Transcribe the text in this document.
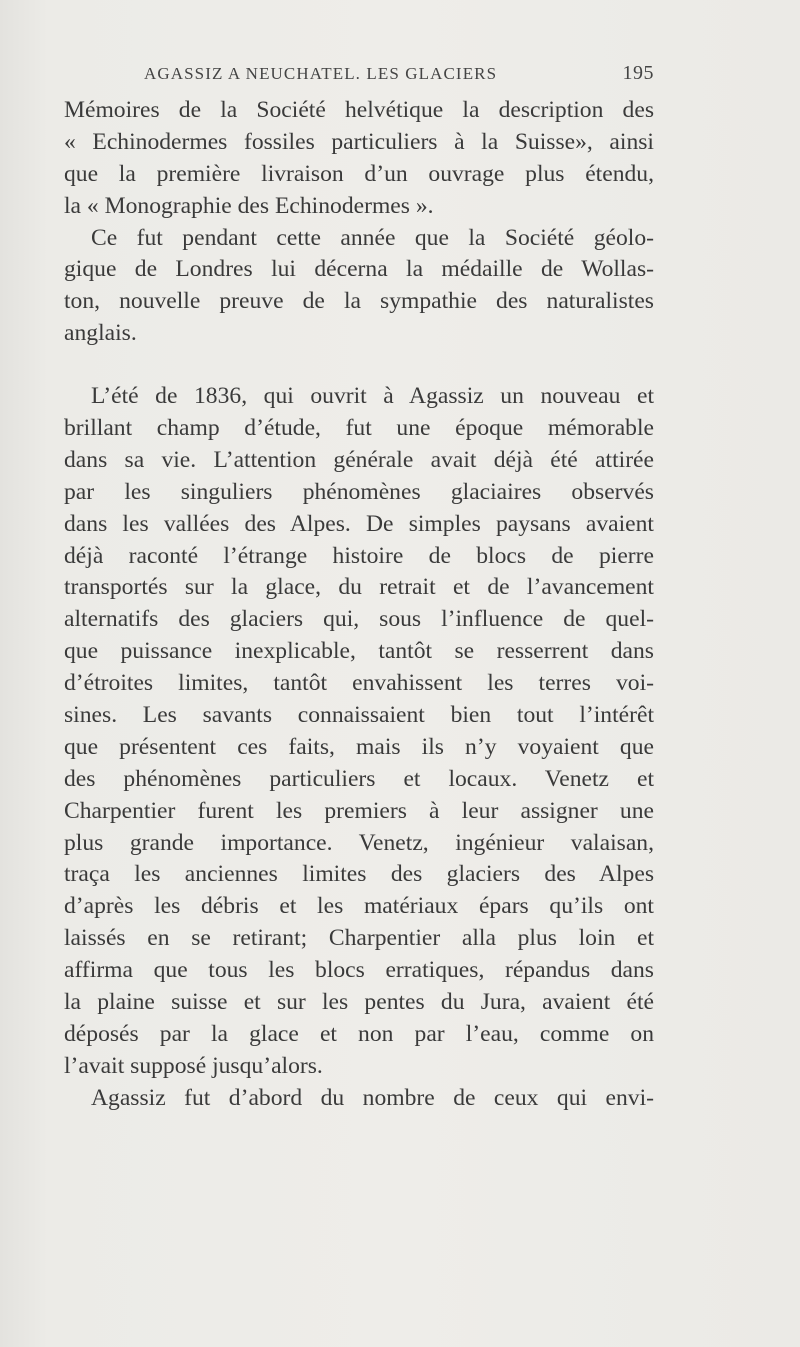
AGASSIZ A NEUCHATEL. LES GLACIERS	195
Mémoires de la Société helvétique la description des
« Echinodermes fossiles particuliers à la Suisse», ainsi
que la première livraison d’un ouvrage plus étendu,
la « Monographie des Echinodermes ».
Ce fut pendant cette année que la Société géolo-
gique de Londres lui décerna la médaille de Wollas-
ton, nouvelle preuve de la sympathie des naturalistes
anglais.
L’été de 1836, qui ouvrit à Agassiz un nouveau et
brillant champ d’étude, fut une époque mémorable
dans sa vie. L’attention générale avait déjà été attirée
par les singuliers phénomènes glaciaires observés
dans les vallées des Alpes. De simples paysans avaient
déjà raconté l’étrange histoire de blocs de pierre
transportés sur la glace, du retrait et de l’avancement
alternatifs des glaciers qui, sous l’influence de quel-
que puissance inexplicable, tantôt se resserrent dans
d’étroites limites, tantôt envahissent les terres voi-
sines. Les savants connaissaient bien tout l’intérêt
que présentent ces faits, mais ils n’y voyaient que
des phénomènes particuliers et locaux. Venetz et
Charpentier furent les premiers à leur assigner une
plus grande importance. Venetz, ingénieur valaisan,
traça les anciennes limites des glaciers des Alpes
d’après les débris et les matériaux épars qu’ils ont
laissés en se retirant; Charpentier alla plus loin et
affirma que tous les blocs erratiques, répandus dans
la plaine suisse et sur les pentes du Jura, avaient été
déposés par la glace et non par l’eau, comme on
l’avait supposé jusqu’alors.
Agassiz fut d’abord du nombre de ceux qui envi-
